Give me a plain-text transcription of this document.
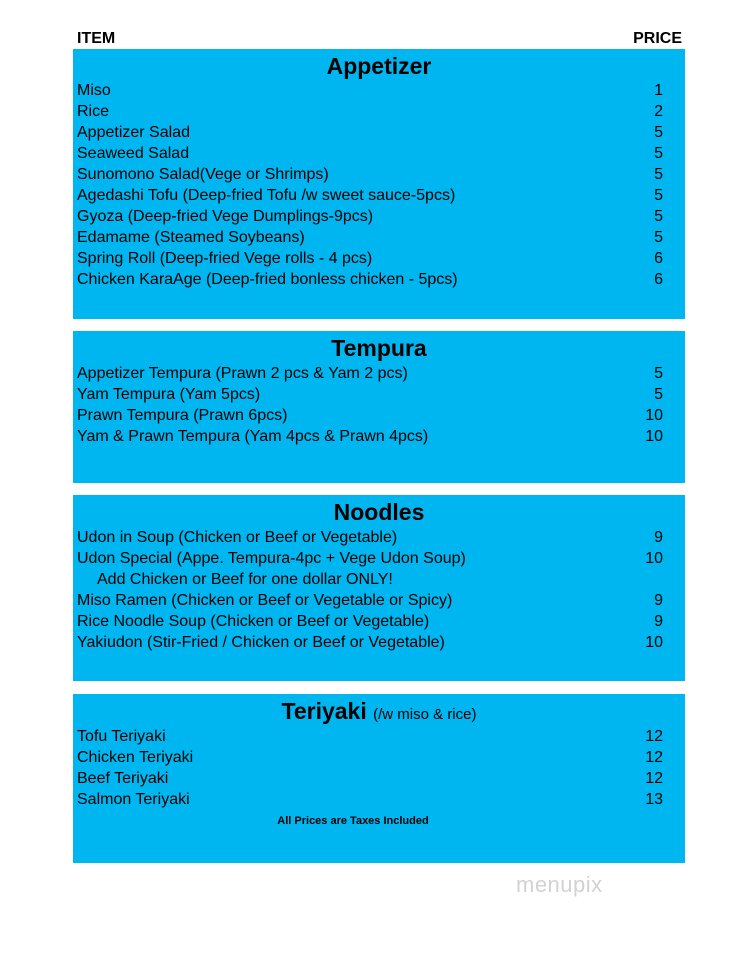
ITEM	PRICE
Appetizer
Miso	1
Rice	2
Appetizer Salad	5
Seaweed Salad	5
Sunomono Salad(Vege or Shrimps)	5
Agedashi Tofu (Deep-fried Tofu /w sweet sauce-5pcs)	5
Gyoza (Deep-fried Vege Dumplings-9pcs)	5
Edamame (Steamed Soybeans)	5
Spring Roll (Deep-fried Vege rolls - 4 pcs)	6
Chicken KaraAge (Deep-fried bonless chicken - 5pcs)	6
Tempura
Appetizer Tempura (Prawn 2 pcs & Yam 2 pcs)	5
Yam Tempura (Yam 5pcs)	5
Prawn Tempura (Prawn 6pcs)	10
Yam & Prawn Tempura (Yam 4pcs & Prawn 4pcs)	10
Noodles
Udon in Soup (Chicken or Beef or Vegetable)	9
Udon Special (Appe. Tempura-4pc + Vege Udon Soup)	10
Add Chicken or Beef for one dollar ONLY!
Miso Ramen (Chicken or Beef or Vegetable or Spicy)	9
Rice Noodle Soup (Chicken or Beef or Vegetable)	9
Yakiudon (Stir-Fried / Chicken or Beef or Vegetable)	10
Teriyaki (/w miso & rice)
Tofu Teriyaki	12
Chicken Teriyaki	12
Beef Teriyaki	12
Salmon Teriyaki	13
All Prices are Taxes Included
menupix
